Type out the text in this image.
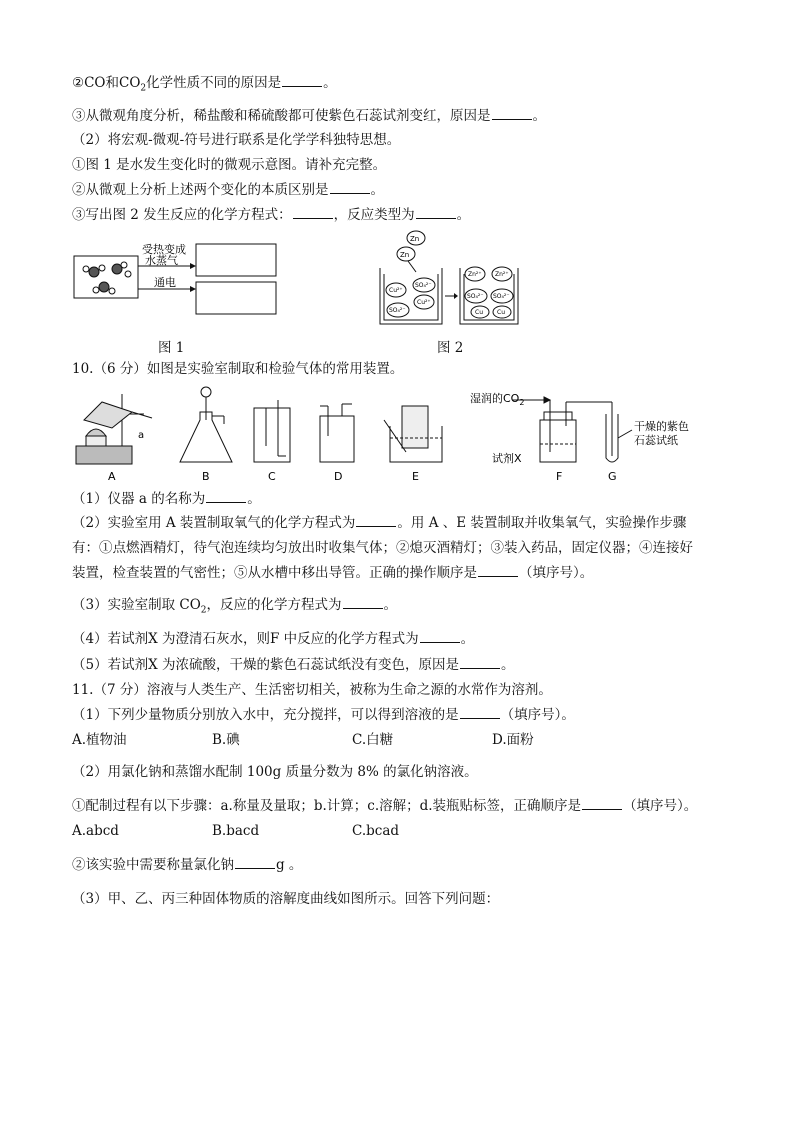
②CO和$CO_2$化学性质不同的原因是	。
③从微观角度分析，稀盐酸和稀硫酸都可使紫色石蕊试剂变红，原因是	。
（2）将宏观-微观-符号进行联系是化学学科独特思想。
①图 1 是水发生变化时的微观示意图。请补充完整。
②从微观上分析上述两个变化的本质区别是	。
③写出图 2 发生反应的化学方程式：	，反应类型为	。
受热变成
水蒸气
通电
图 1
Zn
Zn
Cu²⁺
SO₄²⁻
Cu²⁺
SO₄²⁻
Zn²⁺ Zn²⁺
SO₄²⁻ SO₄²⁻
Cu Cu
图 2
10.（6 分）如图是实验室制取和检验气体的常用装置。
a
湿润的$CO_2$
试剂X
干燥的紫色
石蕊试纸
A	B	C	D	E	F	G
（1）仪器 a 的名称为	。
（2）实验室用 A 装置制取氧气的化学方程式为	。用 A 、E 装置制取并收集氧气，实验操作步骤
有：①点燃酒精灯，待气泡连续均匀放出时收集气体；②熄灭酒精灯；③装入药品，固定仪器；④连接好
装置，检查装置的气密性；⑤从水槽中移出导管。正确的操作顺序是	（填序号）。
（3）实验室制取 $CO_2$，反应的化学方程式为	。
（4）若试剂X 为澄清石灰水，则F 中反应的化学方程式为	。
（5）若试剂X 为浓硫酸，干燥的紫色石蕊试纸没有变色，原因是	。
11.（7 分）溶液与人类生产、生活密切相关，被称为生命之源的水常作为溶剂。
（1）下列少量物质分别放入水中，充分搅拌，可以得到溶液的是	（填序号）。
A.植物油	B.碘	C.白糖	D.面粉
（2）用氯化钠和蒸馏水配制 100g 质量分数为 8% 的氯化钠溶液。
①配制过程有以下步骤：a.称量及量取；b.计算；c.溶解；d.装瓶贴标签，正确顺序是	（填序号）。
A.abcd	B.bacd	C.bcad
②该实验中需要称量氯化钠	g 。
（3）甲、乙、丙三种固体物质的溶解度曲线如图所示。回答下列问题：
